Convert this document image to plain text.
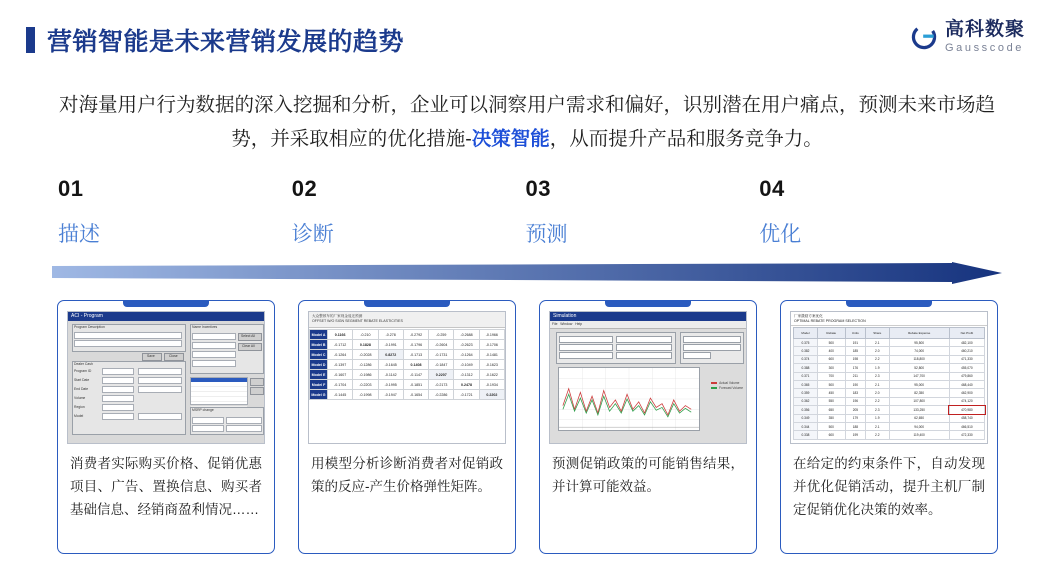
营销智能是未来营销发展的趋势	高科数聚
Gausscode
对海量用户行为数据的深入挖掘和分析，企业可以洞察用户需求和偏好，识别潜在用户痛点，预测未来市场趋势，并采取相应的优化措施-决策智能，从而提升产品和服务竞争力。
01
描述
02
诊断
03
预测
04
优化
ACI - Program
Program Description
Save	Close
Dealer Cash
Program ID
Start Date
End Date
Volume
Region
Model
Name Incentives
Select All
Clear All
MSRP change
消费者实际购买价格、促销优惠项目、广告、置换信息、购买者基础信息、经销商盈利情况……
大众整顿车的厂家现金返还预测
OFFSET W/O SIGN SEGMENT REBATE ELASTICITIES
Model A	0.1166	-0.210	-0.278	-0.2792	-0.259	-0.2688	-0.1966
Model B	-0.1712	0.1828	-0.1991	-0.1796	-0.2604	-0.2623	-0.1706
Model C	-0.1264	-0.2028	0.8272	-0.1713	-0.1731	-0.1264	-0.1481
Model D	-0.1397	-0.1286	-0.1645	0.1408	-0.1847	-0.1049	-0.1623
Model E	-0.1607	-0.1986	-0.1142	-0.1147	0.2207	-0.1312	-0.1622
Model F	-0.1704	-0.2203	-0.1995	-0.1851	-0.2173	0.2478	-0.1934
Model G	-0.1445	-0.1998	-0.1947	-0.1654	-0.2286	-0.1721	0.2202
用模型分析诊断消费者对促销政策的反应-产生价格弹性矩阵。
Simulation
File Window Help
Actual Volume
Forecast Volume
预测促销政策的可能销售结果，并计算可能效益。
厂家激励方案优化
OPTIMAL REBATE PROGRAM SELECTION
Model	Rebate	Units	Share	Rebate Expense	Net Profit
0.375	500	191	2.1	95,500	482,100
0.382	400	185	2.0	74,000	460,210
0.374	600	198	2.2	118,800	471,330
0.388	300	176	1.9	52,800	455,070
0.371	700	211	2.3	147,700	479,860
0.365	500	190	2.1	95,000	468,440
0.359	450	183	2.0	82,350	462,900
0.362	550	196	2.2	107,800	474,120
0.356	650	205	2.3	133,250	470,980
0.349	350	179	1.9	62,650	458,740
0.344	500	188	2.1	94,000	466,510
0.338	600	199	2.2	119,400	472,330
在给定的约束条件下，自动发现并优化促销活动，提升主机厂制定促销优化决策的效率。
